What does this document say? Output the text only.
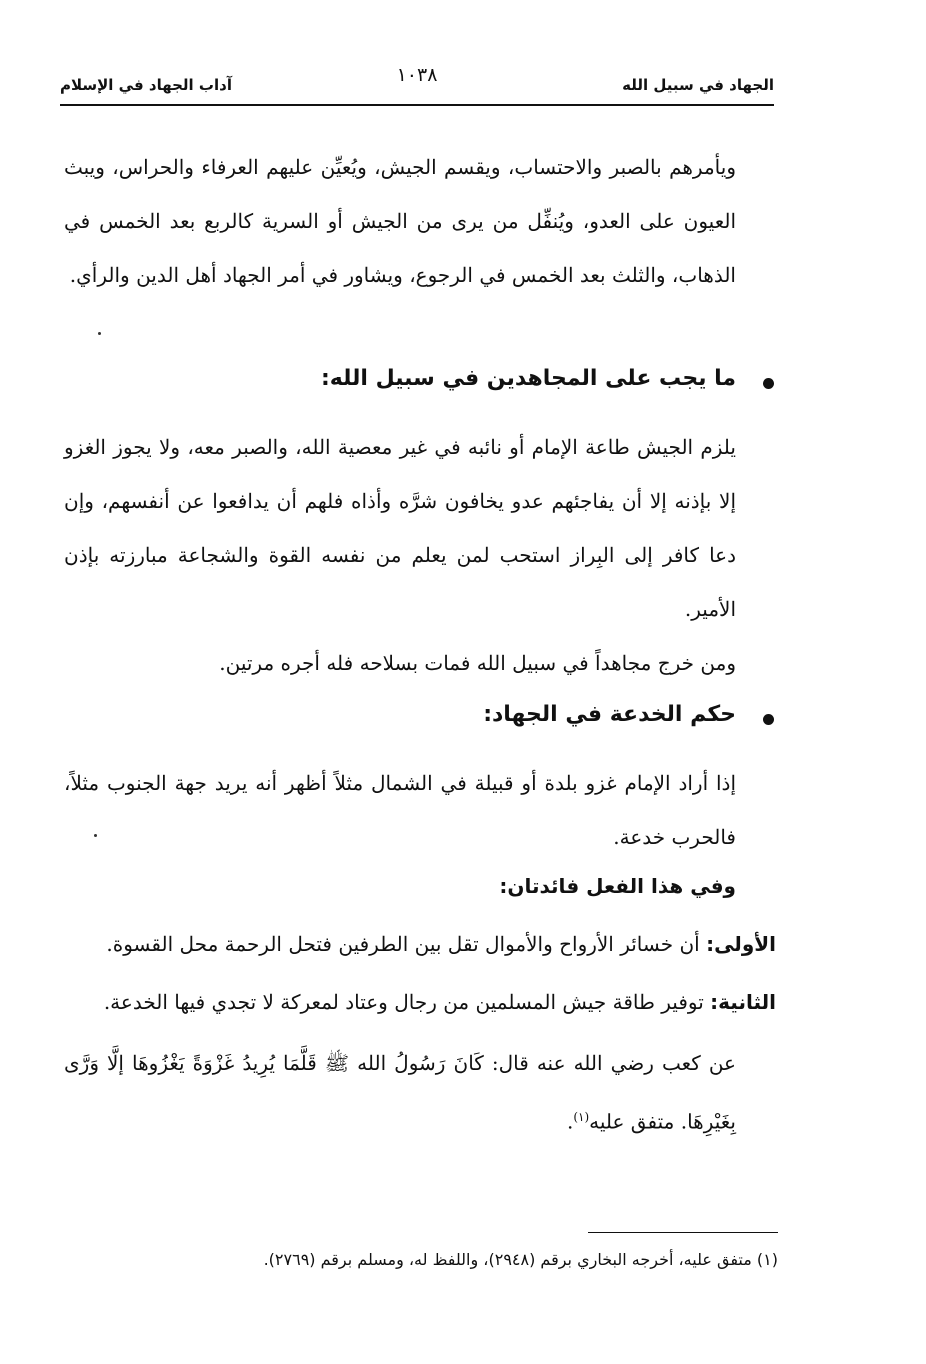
الجهاد في سبيل الله
١٠٣٨
آداب الجهاد في الإسلام

ويأمرهم بالصبر والاحتساب، ويقسم الجيش، ويُعيِّن عليهم العرفاء والحراس، ويبث العيون على العدو، ويُنفِّل من يرى من الجيش أو السرية كالربع بعد الخمس في الذهاب، والثلث بعد الخمس في الرجوع، ويشاور في أمر الجهاد أهل الدين والرأي.

ما يجب على المجاهدين في سبيل الله:

يلزم الجيش طاعة الإمام أو نائبه في غير معصية الله، والصبر معه، ولا يجوز الغزو إلا بإذنه إلا أن يفاجئهم عدو يخافون شرَّه وأذاه فلهم أن يدافعوا عن أنفسهم، وإن دعا كافر إلى البِراز استحب لمن يعلم من نفسه القوة والشجاعة مبارزته بإذن الأمير.

ومن خرج مجاهداً في سبيل الله فمات بسلاحه فله أجره مرتين.

حكم الخدعة في الجهاد:

إذا أراد الإمام غزو بلدة أو قبيلة في الشمال مثلاً أظهر أنه يريد جهة الجنوب مثلاً، فالحرب خدعة.

وفي هذا الفعل فائدتان:
الأولى: أن خسائر الأرواح والأموال تقل بين الطرفين فتحل الرحمة محل القسوة.
الثانية: توفير طاقة جيش المسلمين من رجال وعتاد لمعركة لا تجدي فيها الخدعة.
عن كعب رضي الله عنه قال: كَانَ رَسُولُ الله ﷺ قَلَّمَا يُرِيدُ غَزْوَةً يَغْزُوهَا إلَّا وَرَّى بِغَيْرِهَا. متفق عليه$^{(١)}$.
(١) متفق عليه، أخرجه البخاري برقم (٢٩٤٨)، واللفظ له، ومسلم برقم (٢٧٦٩).
